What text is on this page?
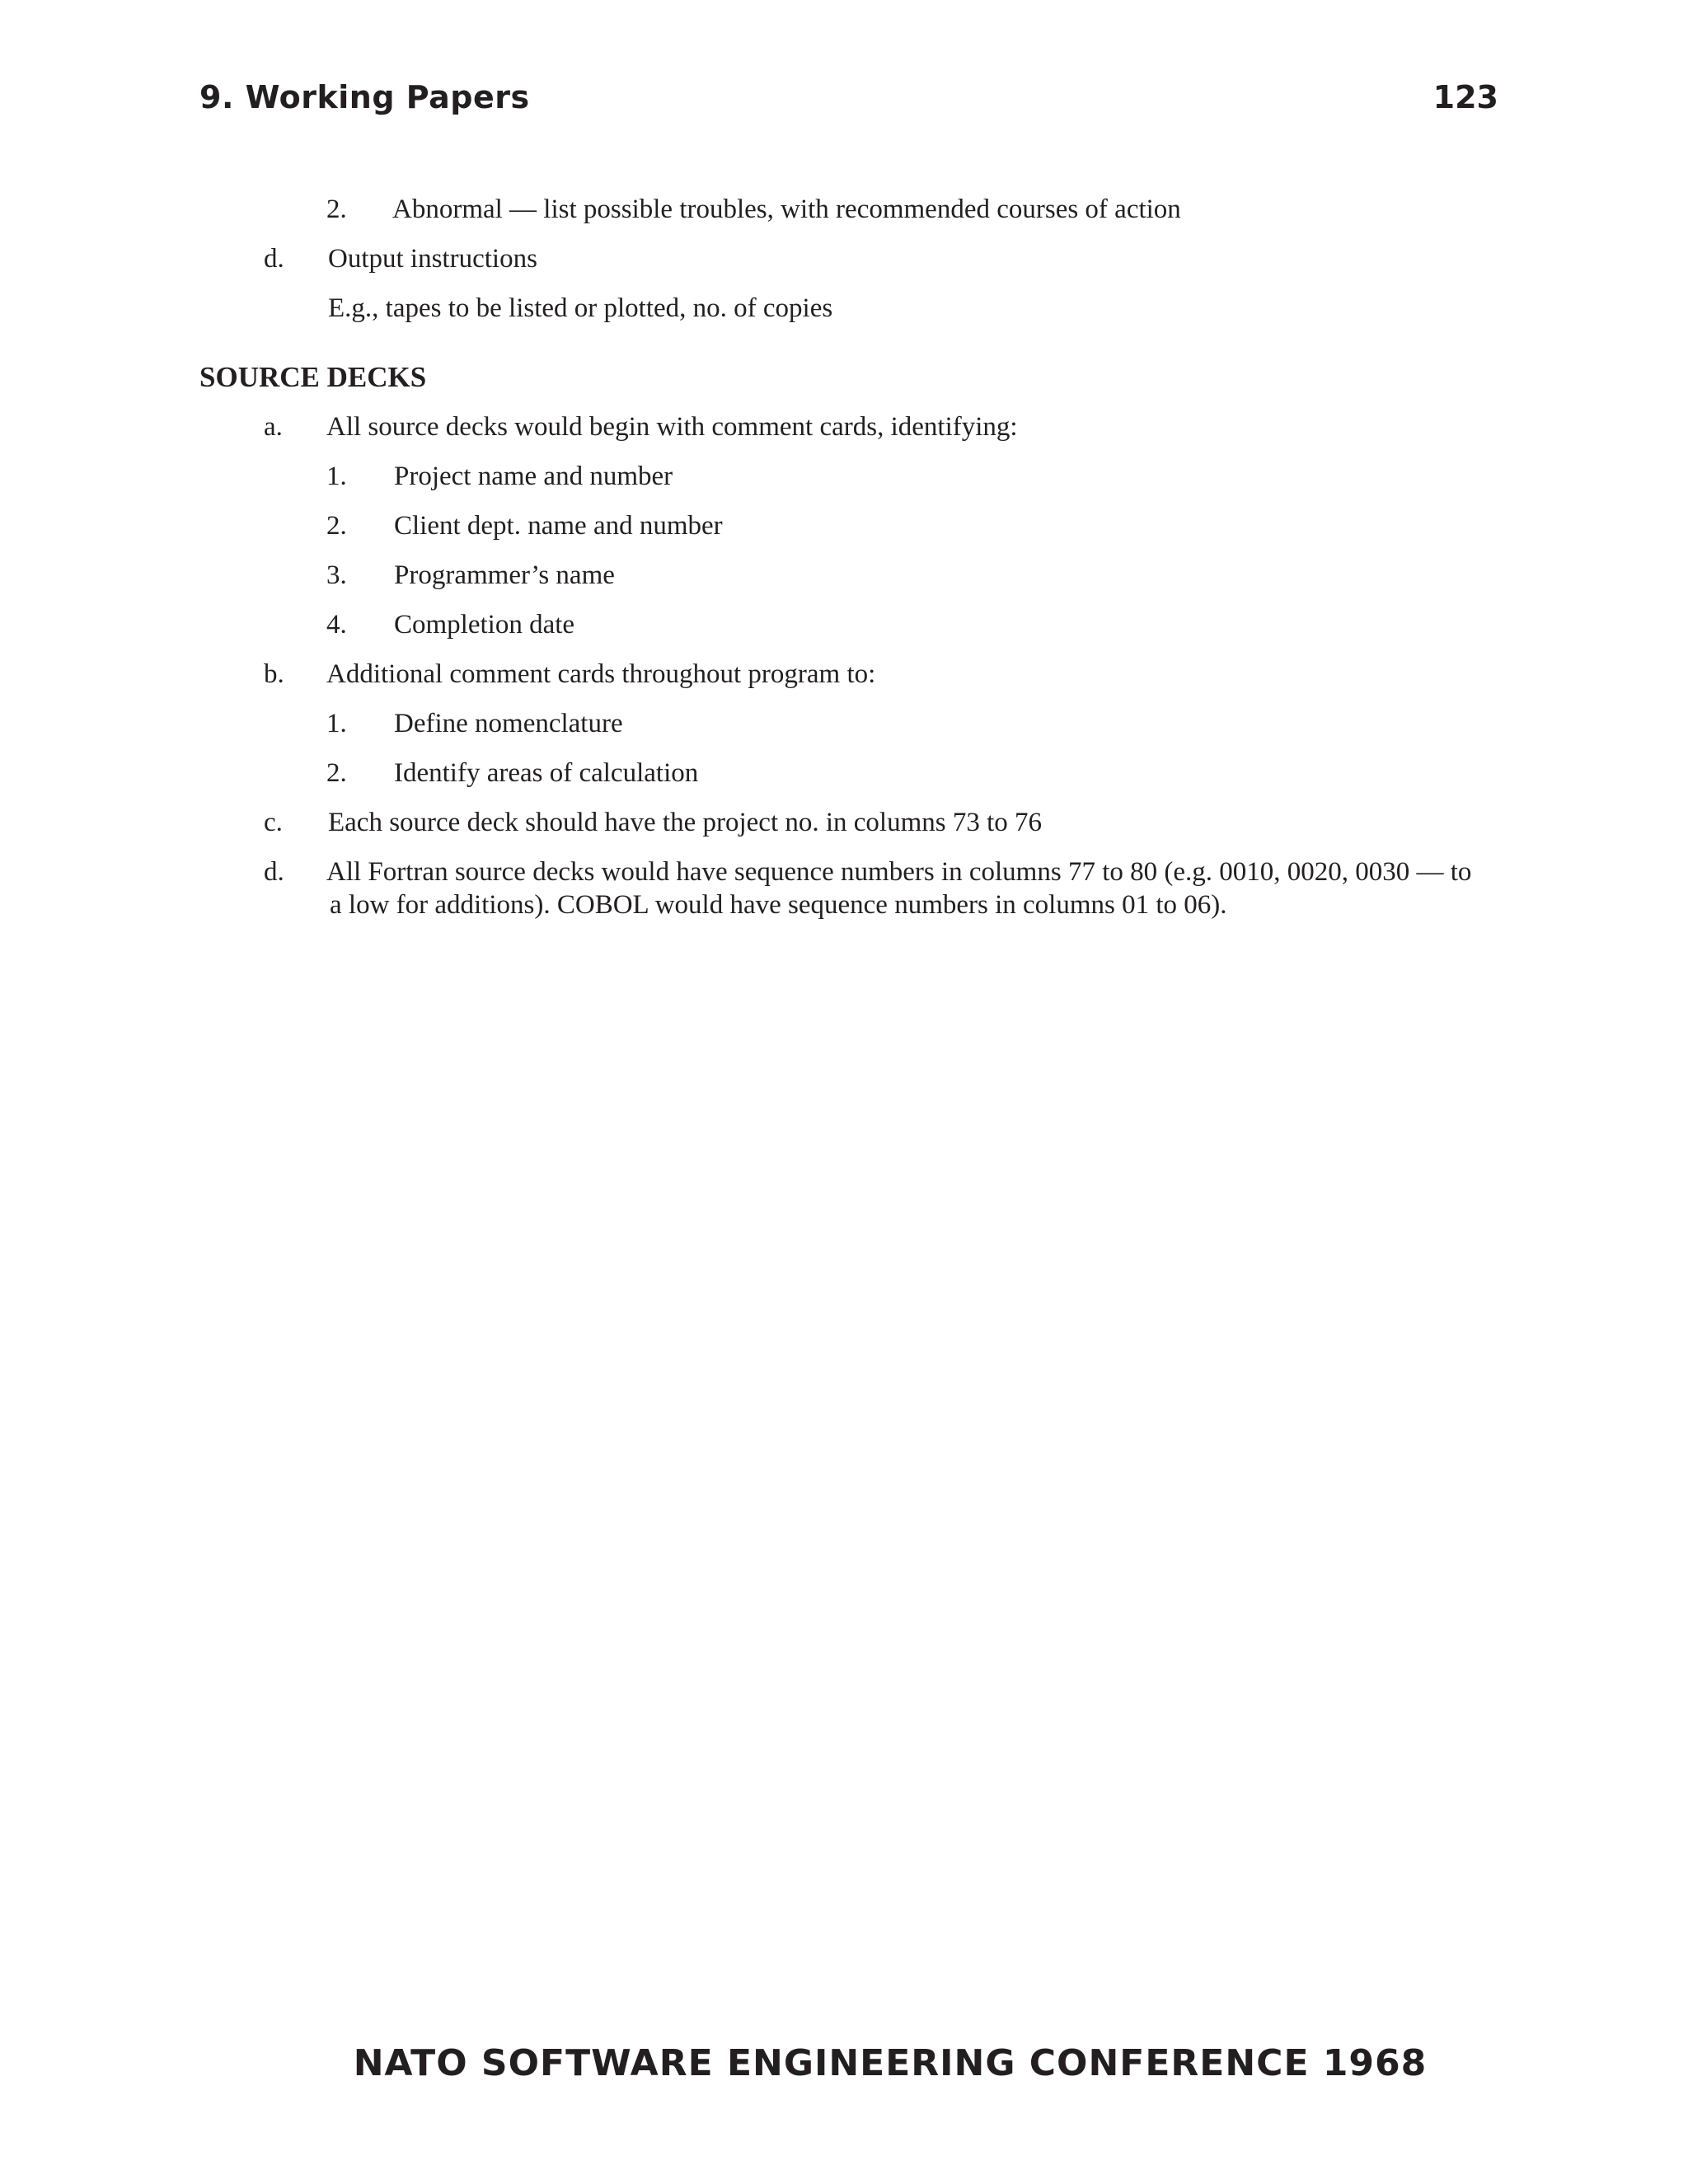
9. Working Papers	123
2. Abnormal — list possible troubles, with recommended courses of action
d. Output instructions
E.g., tapes to be listed or plotted, no. of copies
SOURCE DECKS
a. All source decks would begin with comment cards, identifying:
1. Project name and number
2. Client dept. name and number
3. Programmer’s name
4. Completion date
b. Additional comment cards throughout program to:
1. Define nomenclature
2. Identify areas of calculation
c. Each source deck should have the project no. in columns 73 to 76
d. All Fortran source decks would have sequence numbers in columns 77 to 80 (e.g. 0010, 0020, 0030 — to
a low for additions). COBOL would have sequence numbers in columns 01 to 06).
NATO SOFTWARE ENGINEERING CONFERENCE 1968
